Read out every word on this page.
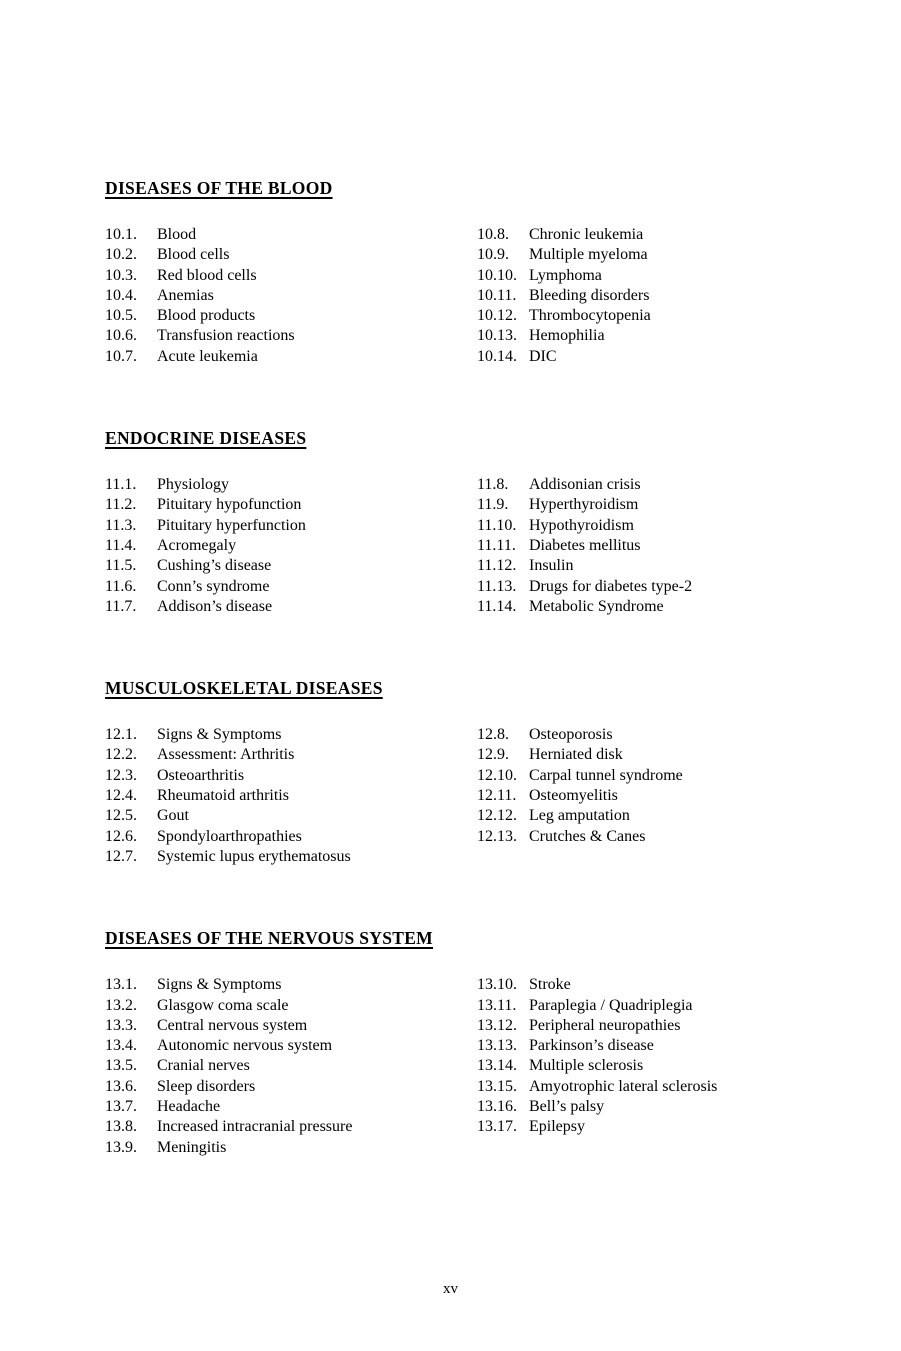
DISEASES OF THE BLOOD
10.1.	Blood
10.2.	Blood cells
10.3.	Red blood cells
10.4.	Anemias
10.5.	Blood products
10.6.	Transfusion reactions
10.7.	Acute leukemia
10.8.	Chronic leukemia
10.9.	Multiple myeloma
10.10. Lymphoma
10.11. Bleeding disorders
10.12. Thrombocytopenia
10.13. Hemophilia
10.14. DIC
ENDOCRINE DISEASES
11.1.	Physiology
11.2.	Pituitary hypofunction
11.3.	Pituitary hyperfunction
11.4.	Acromegaly
11.5.	Cushing’s disease
11.6.	Conn’s syndrome
11.7.	Addison’s disease
11.8.	Addisonian crisis
11.9.	Hyperthyroidism
11.10. Hypothyroidism
11.11. Diabetes mellitus
11.12. Insulin
11.13. Drugs for diabetes type-2
11.14. Metabolic Syndrome
MUSCULOSKELETAL DISEASES
12.1.	Signs & Symptoms
12.2.	Assessment: Arthritis
12.3.	Osteoarthritis
12.4.	Rheumatoid arthritis
12.5.	Gout
12.6.	Spondyloarthropathies
12.7.	Systemic lupus erythematosus
12.8.	Osteoporosis
12.9.	Herniated disk
12.10. Carpal tunnel syndrome
12.11. Osteomyelitis
12.12. Leg amputation
12.13. Crutches & Canes
DISEASES OF THE NERVOUS SYSTEM
13.1.	Signs & Symptoms
13.2.	Glasgow coma scale
13.3.	Central nervous system
13.4.	Autonomic nervous system
13.5.	Cranial nerves
13.6.	Sleep disorders
13.7.	Headache
13.8.	Increased intracranial pressure
13.9.	Meningitis
13.10. Stroke
13.11. Paraplegia / Quadriplegia
13.12. Peripheral neuropathies
13.13. Parkinson’s disease
13.14. Multiple sclerosis
13.15. Amyotrophic lateral sclerosis
13.16. Bell’s palsy
13.17. Epilepsy
xv
